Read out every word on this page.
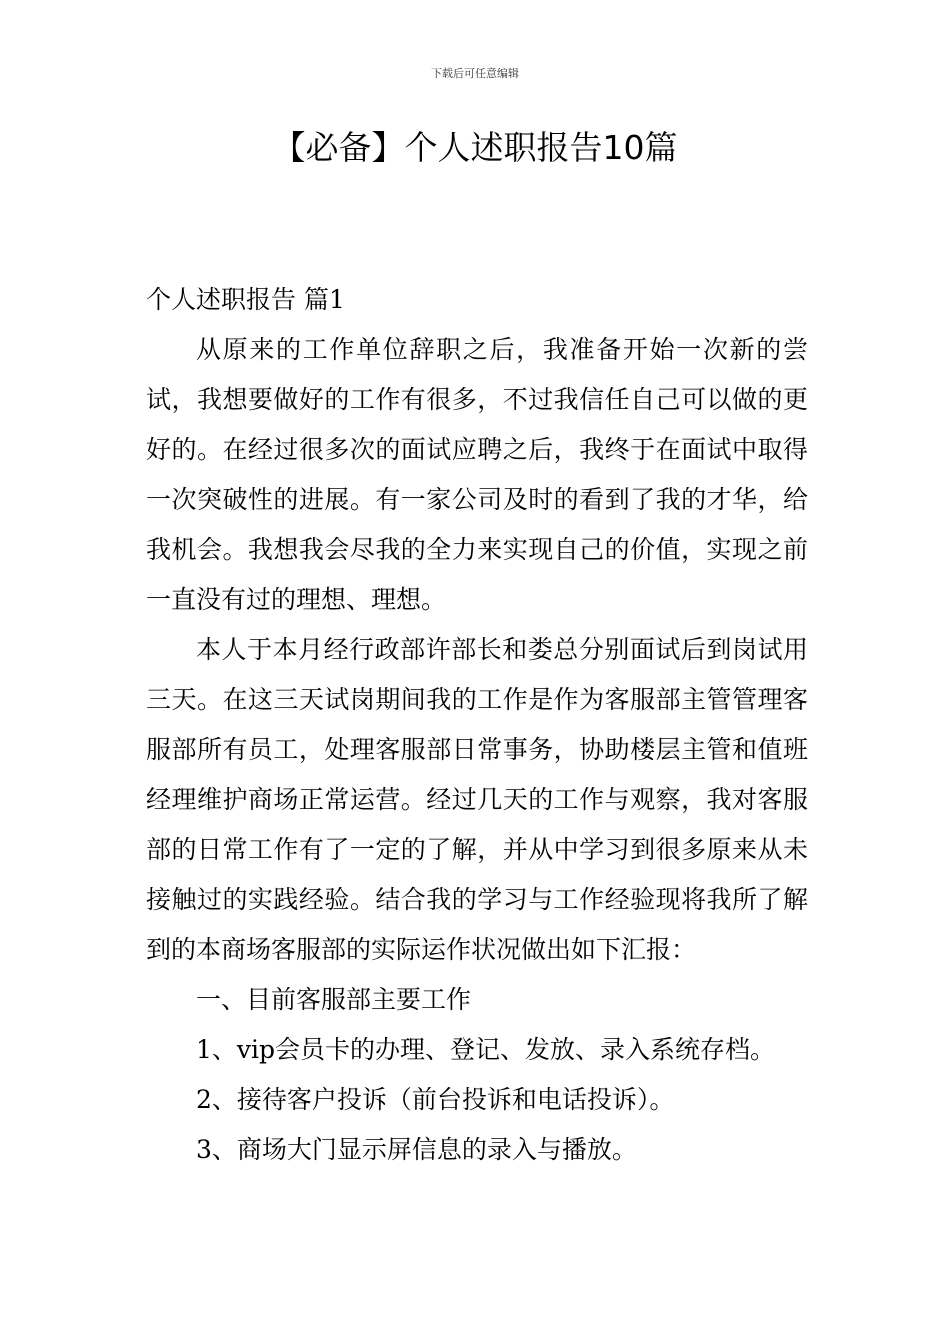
下载后可任意编辑
【必备】个人述职报告10篇

个人述职报告 篇1

从原来的工作单位辞职之后，我准备开始一次新的尝试，我想要做好的工作有很多，不过我信任自己可以做的更好的。在经过很多次的面试应聘之后，我终于在面试中取得一次突破性的进展。有一家公司及时的看到了我的才华，给我机会。我想我会尽我的全力来实现自己的价值，实现之前一直没有过的理想、理想。

本人于本月经行政部许部长和娄总分别面试后到岗试用三天。在这三天试岗期间我的工作是作为客服部主管管理客服部所有员工，处理客服部日常事务，协助楼层主管和值班经理维护商场正常运营。经过几天的工作与观察，我对客服部的日常工作有了一定的了解，并从中学习到很多原来从未接触过的实践经验。结合我的学习与工作经验现将我所了解到的本商场客服部的实际运作状况做出如下汇报：

一、目前客服部主要工作

1、vip会员卡的办理、登记、发放、录入系统存档。

2、接待客户投诉（前台投诉和电话投诉）。

3、商场大门显示屏信息的录入与播放。
